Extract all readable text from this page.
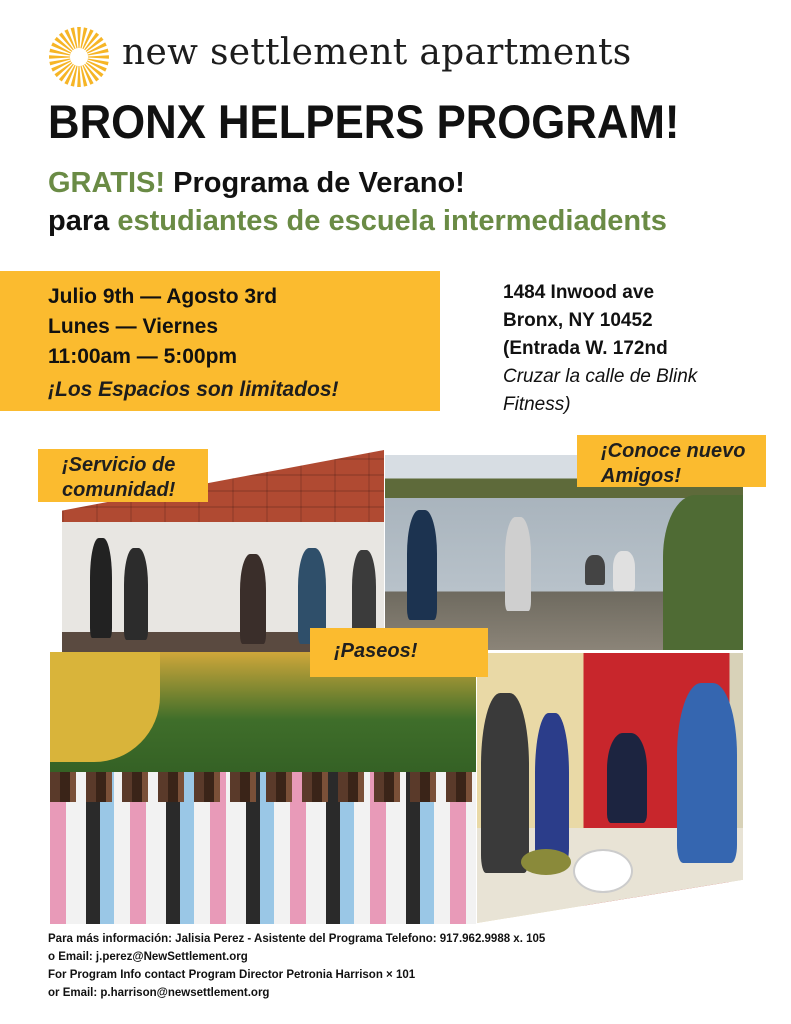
new settlement apartments
BRONX HELPERS PROGRAM!
GRATIS! Programa de Verano!
para estudiantes de escuela intermediadents
Julio 9th — Agosto 3rd
Lunes — Viernes
11:00am — 5:00pm
¡Los Espacios son limitados!
1484 Inwood ave
Bronx, NY 10452
(Entrada W. 172nd
Cruzar la calle de Blink
Fitness)
¡Servicio de
comunidad!
¡Conoce nuevo
Amigos!
¡Paseos!
Para más información: Jalisia Perez - Asistente del Programa Telefono: 917.962.9988 x. 105
o Email: j.perez@NewSettlement.org
For Program Info contact Program Director Petronia Harrison × 101
or Email: p.harrison@newsettlement.org
